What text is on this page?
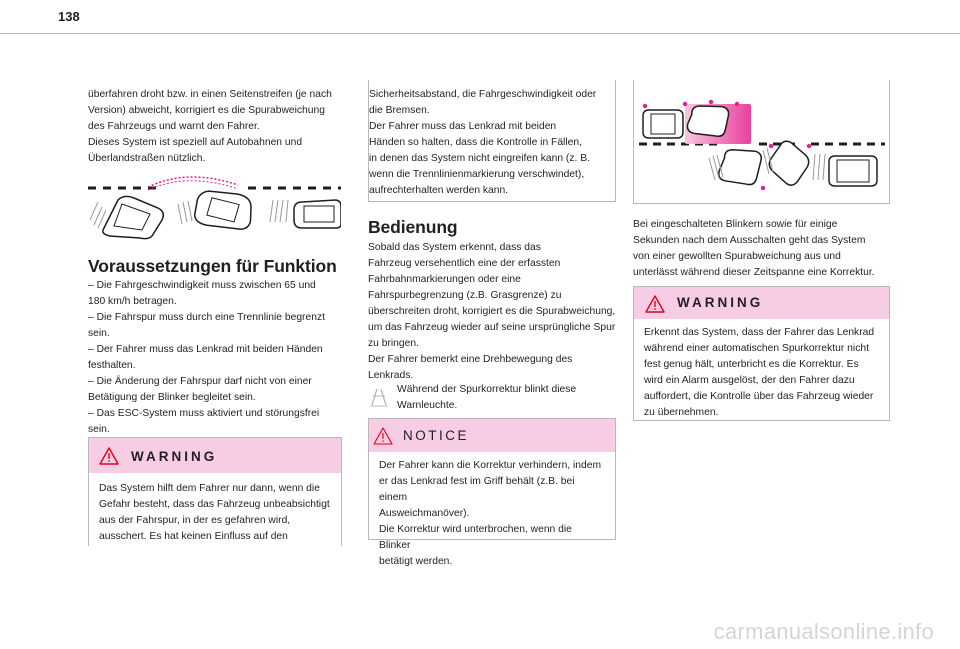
138
überfahren droht bzw. in einen Seitenstreifen (je nach
Version) abweicht, korrigiert es die Spurabweichung
des Fahrzeugs und warnt den Fahrer.
Dieses System ist speziell auf Autobahnen und
Überlandstraßen nützlich.
Voraussetzungen für Funktion
– Die Fahrgeschwindigkeit muss zwischen 65 und
180 km/h betragen.
– Die Fahrspur muss durch eine Trennlinie begrenzt
sein.
– Der Fahrer muss das Lenkrad mit beiden Händen
festhalten.
– Die Änderung der Fahrspur darf nicht von einer
Betätigung der Blinker begleitet sein.
– Das ESC-System muss aktiviert und störungsfrei
sein.
WARNING
Das System hilft dem Fahrer nur dann, wenn die
Gefahr besteht, dass das Fahrzeug unbeabsichtigt
aus der Fahrspur, in der es gefahren wird,
ausschert. Es hat keinen Einfluss auf den
Sicherheitsabstand, die Fahrgeschwindigkeit oder
die Bremsen.
Der Fahrer muss das Lenkrad mit beiden
Händen so halten, dass die Kontrolle in Fällen,
in denen das System nicht eingreifen kann (z. B.
wenn die Trennlinienmarkierung verschwindet),
aufrechterhalten werden kann.
Bedienung
Sobald das System erkennt, dass das
Fahrzeug versehentlich eine der erfassten
Fahrbahnmarkierungen oder eine
Fahrspurbegrenzung (z.B. Grasgrenze) zu
überschreiten droht, korrigiert es die Spurabweichung,
um das Fahrzeug wieder auf seine ursprüngliche Spur
zu bringen.
Der Fahrer bemerkt eine Drehbewegung des
Lenkrads.
Während der Spurkorrektur blinkt diese
Warnleuchte.
NOTICE
Der Fahrer kann die Korrektur verhindern, indem
er das Lenkrad fest im Griff behält (z.B. bei einem
Ausweichmanöver).
Die Korrektur wird unterbrochen, wenn die Blinker
betätigt werden.
Bei eingeschalteten Blinkern sowie für einige
Sekunden nach dem Ausschalten geht das System
von einer gewollten Spurabweichung aus und
unterlässt während dieser Zeitspanne eine Korrektur.
WARNING
Erkennt das System, dass der Fahrer das Lenkrad
während einer automatischen Spurkorrektur nicht
fest genug hält, unterbricht es die Korrektur. Es
wird ein Alarm ausgelöst, der den Fahrer dazu
auffordert, die Kontrolle über das Fahrzeug wieder
zu übernehmen.
carmanualsonline.info
